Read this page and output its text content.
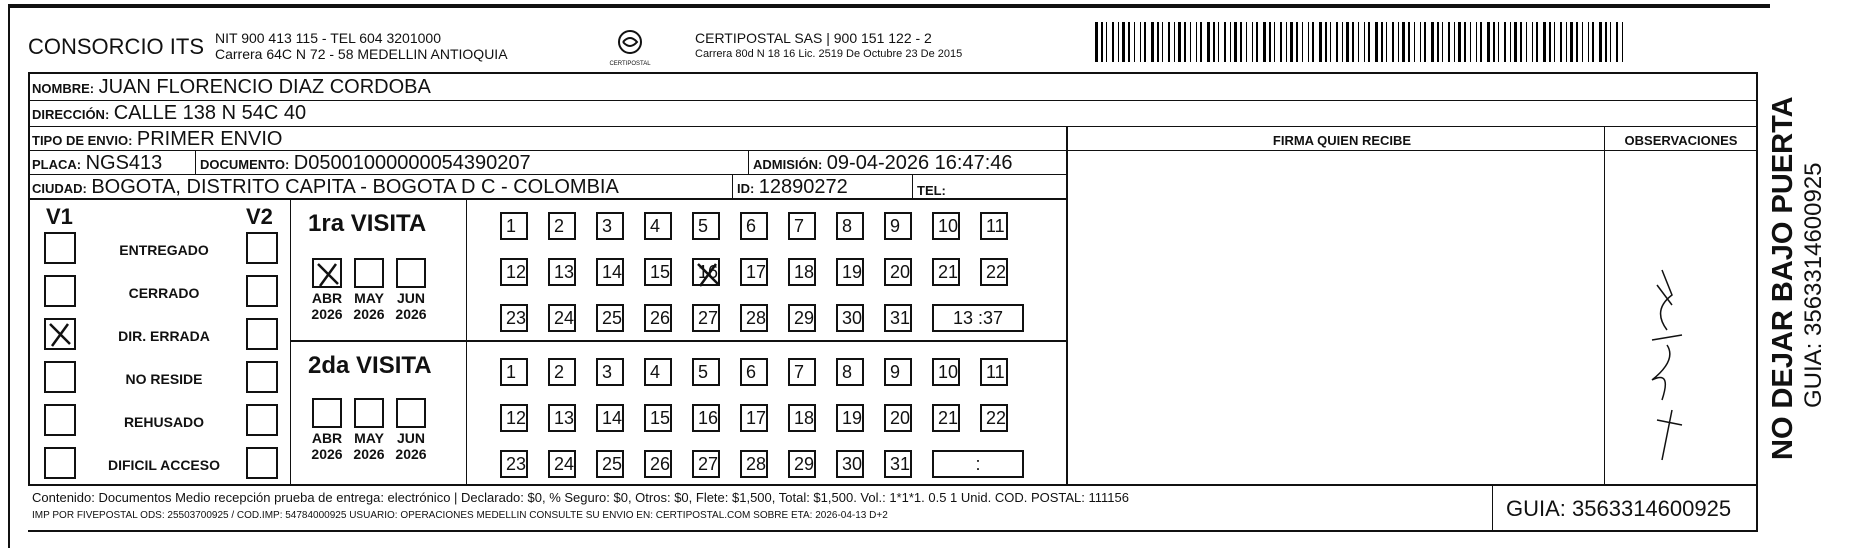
CONSORCIO ITS NIT 900 413 115 - TEL 604 3201000
Carrera 64C N 72 - 58 MEDELLIN ANTIOQUIA
CERTIPOSTAL
CERTIPOSTAL SAS | 900 151 122 - 2
Carrera 80d N 18 16 Lic. 2519 De Octubre 23 De 2015
NOMBRE: JUAN FLORENCIO DIAZ CORDOBA
DIRECCIÓN: CALLE 138 N 54C 40
TIPO DE ENVIO: PRIMER ENVIO	FIRMA QUIEN RECIBE	OBSERVACIONES
PLACA: NGS413	DOCUMENTO: D05001000000054390207	ADMISIÓN: 09-04-2026 16:47:46
CIUDAD: BOGOTA, DISTRITO CAPITA - BOGOTA D C - COLOMBIA	ID: 12890272	TEL:
V1	V2
ENTREGADO
CERRADO
DIR. ERRADA
NO RESIDE
REHUSADO
DIFICIL ACCESO
1ra VISITA
2da VISITA
ABR
2026
MAY
2026
JUN
2026
ABR
2026
MAY
2026
JUN
2026
1	2	3	4	5	6	7	8	9	10	11
12	13	14	15	16	17	18	19	20	21	22
23	24	25	26	27	28	29	30	31	13 :37
1	2	3	4	5	6	7	8	9	10	11
12	13	14	15	16	17	18	19	20	21	22
23	24	25	26	27	28	29	30	31	:
Contenido: Documentos Medio recepción prueba de entrega: electrónico | Declarado: $0, % Seguro: $0, Otros: $0, Flete: $1,500, Total: $1,500. Vol.: 1*1*1. 0.5 1 Unid. COD. POSTAL: 111156
IMP POR FIVEPOSTAL ODS: 25503700925 / COD.IMP: 54784000925 USUARIO: OPERACIONES MEDELLIN CONSULTE SU ENVIO EN: CERTIPOSTAL.COM SOBRE ETA: 2026-04-13 D+2	GUIA: 3563314600925
NO DEJAR BAJO PUERTA GUIA: 3563314600925
